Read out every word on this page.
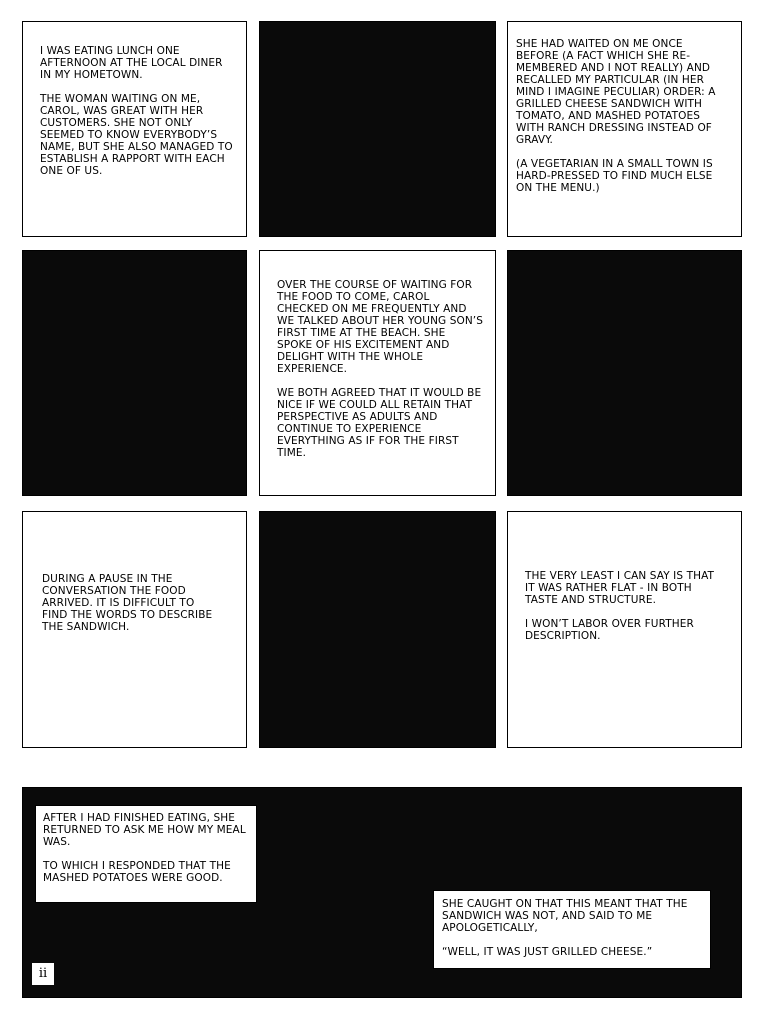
I WAS EATING LUNCH ONE AFTERNOON AT THE LOCAL DINER IN MY HOMETOWN.

THE WOMAN WAITING ON ME, CAROL, WAS GREAT WITH HER CUSTOMERS. SHE NOT ONLY SEEMED TO KNOW EVERYBODY’S NAME, BUT SHE ALSO MANAGED TO ESTABLISH A RAPPORT WITH EACH ONE OF US.

SHE HAD WAITED ON ME ONCE BEFORE (A FACT WHICH SHE RE-MEMBERED AND I NOT REALLY) AND RECALLED MY PARTICULAR (IN HER MIND I IMAGINE PECULIAR) ORDER: A GRILLED CHEESE SANDWICH WITH TOMATO, AND MASHED POTATOES WITH RANCH DRESSING INSTEAD OF GRAVY.

(A VEGETARIAN IN A SMALL TOWN IS HARD-PRESSED TO FIND MUCH ELSE ON THE MENU.)

OVER THE COURSE OF WAITING FOR THE FOOD TO COME, CAROL CHECKED ON ME FREQUENTLY AND WE TALKED ABOUT HER YOUNG SON’S FIRST TIME AT THE BEACH. SHE SPOKE OF HIS EXCITEMENT AND DELIGHT WITH THE WHOLE EXPERIENCE.

WE BOTH AGREED THAT IT WOULD BE NICE IF WE COULD ALL RETAIN THAT PERSPECTIVE AS ADULTS AND CONTINUE TO EXPERIENCE EVERYTHING AS IF FOR THE FIRST TIME.

DURING A PAUSE IN THE CONVERSATION THE FOOD ARRIVED. IT IS DIFFICULT TO FIND THE WORDS TO DESCRIBE THE SANDWICH.

THE VERY LEAST I CAN SAY IS THAT IT WAS RATHER FLAT - IN BOTH TASTE AND STRUCTURE.

I WON’T LABOR OVER FURTHER DESCRIPTION.

AFTER I HAD FINISHED EATING, SHE RETURNED TO ASK ME HOW MY MEAL WAS.

TO WHICH I RESPONDED THAT THE MASHED POTATOES WERE GOOD.

SHE CAUGHT ON THAT THIS MEANT THAT THE SANDWICH WAS NOT, AND SAID TO ME APOLOGETICALLY,

“WELL, IT WAS JUST GRILLED CHEESE.”

ii
